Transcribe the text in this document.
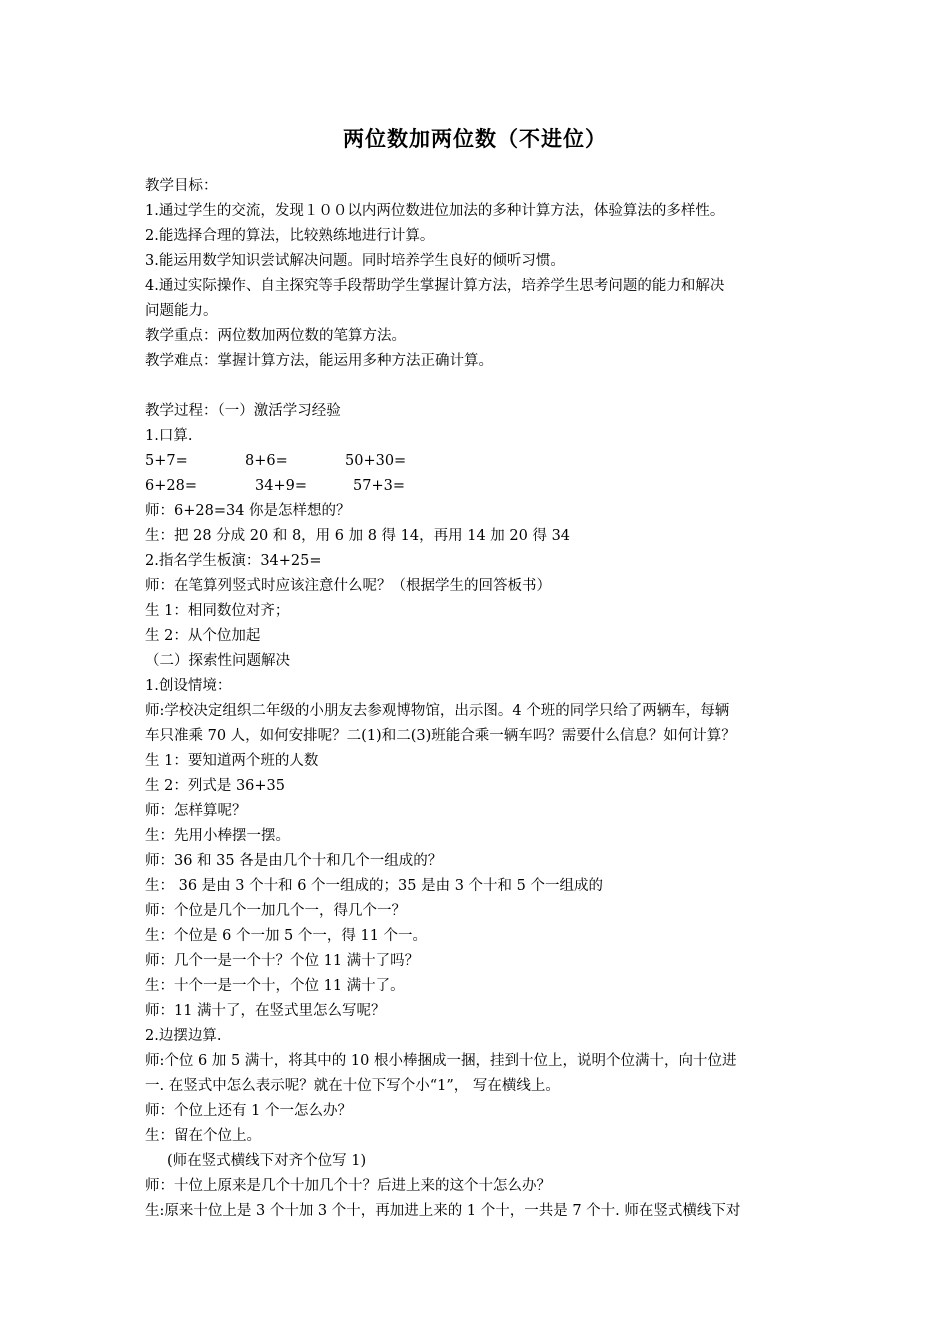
两位数加两位数（不进位）
教学目标：
1.通过学生的交流，发现１００以内两位数进位加法的多种计算方法，体验算法的多样性。
2.能选择合理的算法，比较熟练地进行计算。
3.能运用数学知识尝试解决问题。同时培养学生良好的倾听习惯。
4.通过实际操作、自主探究等手段帮助学生掌握计算方法，培养学生思考问题的能力和解决
问题能力。
教学重点：两位数加两位数的笔算方法。
教学难点：掌握计算方法，能运用多种方法正确计算。
教学过程：（一）激活学习经验
1.口算.
5+7=	8+6=	50+30=
6+28=	34+9=	57+3=
师：6+28=34 你是怎样想的？
生：把 28 分成 20 和 8，用 6 加 8 得 14，再用 14 加 20 得 34
2.指名学生板演：34+25=
师：在笔算列竖式时应该注意什么呢？（根据学生的回答板书）
生 1：相同数位对齐；
生 2：从个位加起
（二）探索性问题解决
1.创设情境：
师:学校决定组织二年级的小朋友去参观博物馆，出示图。4 个班的同学只给了两辆车，每辆
车只准乘 70 人，如何安排呢？二(1)和二(3)班能合乘一辆车吗？需要什么信息？如何计算？
生 1：要知道两个班的人数
生 2：列式是 36+35
师：怎样算呢？
生：先用小棒摆一摆。
师：36 和 35 各是由几个十和几个一组成的？
生： 36 是由 3 个十和 6 个一组成的；35 是由 3 个十和 5 个一组成的
师：个位是几个一加几个一，得几个一？
生：个位是 6 个一加 5 个一，得 11 个一。
师：几个一是一个十？个位 11 满十了吗？
生：十个一是一个十，个位 11 满十了。
师：11 满十了，在竖式里怎么写呢？
2.边摆边算.
师:个位 6 加 5 满十，将其中的 10 根小棒捆成一捆，挂到十位上，说明个位满十，向十位进
一. 在竖式中怎么表示呢？就在十位下写个小“1”， 写在横线上。
师：个位上还有 1 个一怎么办？
生：留在个位上。
(师在竖式横线下对齐个位写 1)
师：十位上原来是几个十加几个十？后进上来的这个十怎么办？
生:原来十位上是 3 个十加 3 个十，再加进上来的 1 个十，一共是 7 个十. 师在竖式横线下对
